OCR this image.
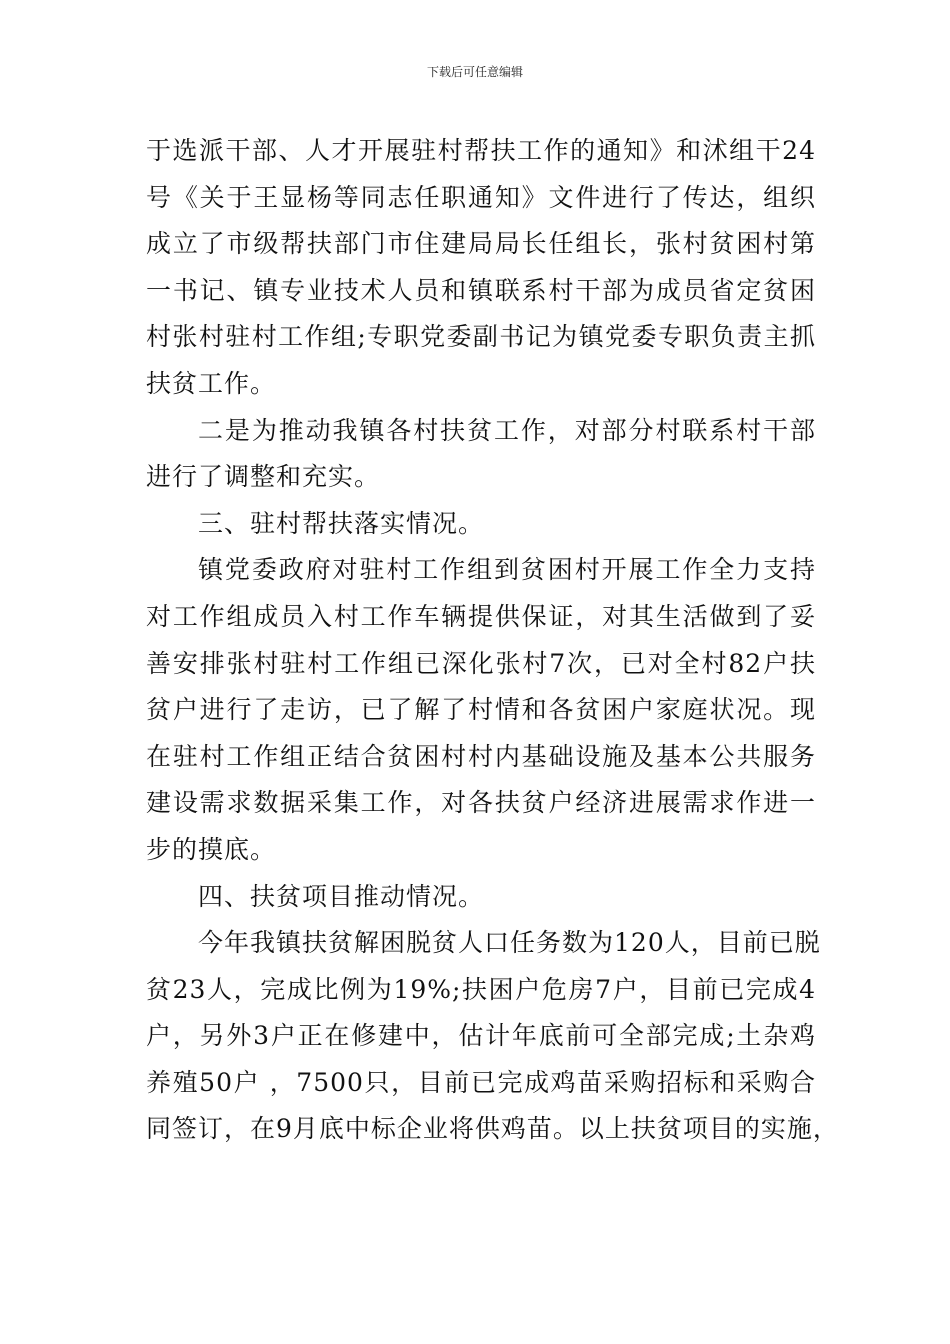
下载后可任意编辑
于选派干部、人才开展驻村帮扶工作的通知》和沭组干24
号《关于王显杨等同志任职通知》文件进行了传达，组织
成立了市级帮扶部门市住建局局长任组长，张村贫困村第
一书记、镇专业技术人员和镇联系村干部为成员省定贫困
村张村驻村工作组;专职党委副书记为镇党委专职负责主抓
扶贫工作。
二是为推动我镇各村扶贫工作，对部分村联系村干部
进行了调整和充实。
三、驻村帮扶落实情况。
镇党委政府对驻村工作组到贫困村开展工作全力支持
对工作组成员入村工作车辆提供保证，对其生活做到了妥
善安排张村驻村工作组已深化张村7次，已对全村82户扶
贫户进行了走访，已了解了村情和各贫困户家庭状况。现
在驻村工作组正结合贫困村村内基础设施及基本公共服务
建设需求数据采集工作，对各扶贫户经济进展需求作进一
步的摸底。
四、扶贫项目推动情况。
今年我镇扶贫解困脱贫人口任务数为120人，目前已脱
贫23人，完成比例为19%;扶困户危房7户，目前已完成4
户，另外3户正在修建中，估计年底前可全部完成;土杂鸡
养殖50户 ，7500只，目前已完成鸡苗采购招标和采购合
同签订，在9月底中标企业将供鸡苗。以上扶贫项目的实施，
